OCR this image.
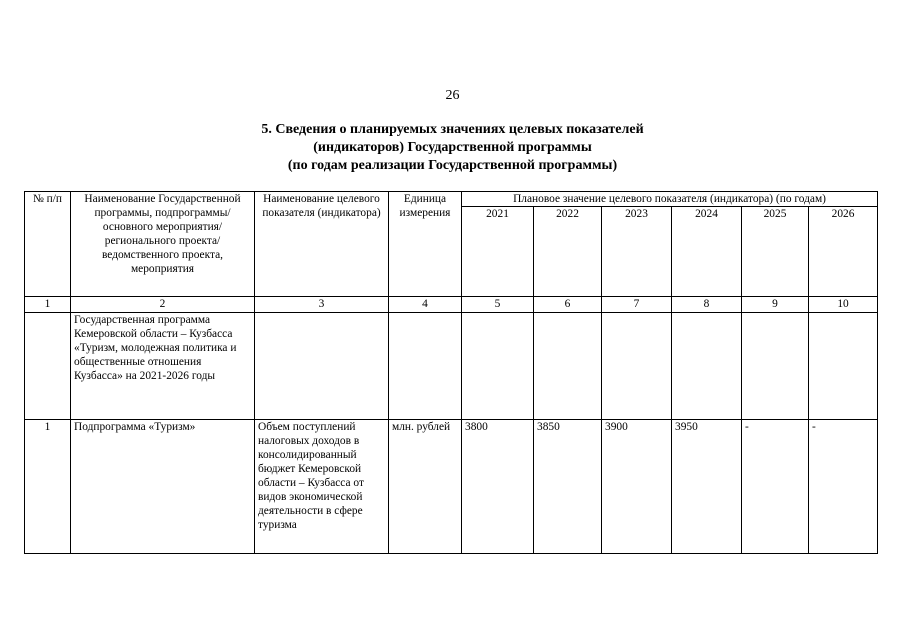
26
5. Сведения о планируемых значениях целевых показателей
(индикаторов) Государственной программы
(по годам реализации Государственной программы)
№ п/п	Наименование Государственной программы, подпрограммы/основного мероприятия/ регионального проекта/ведомственного проекта, мероприятия	Наименование целевого показателя (индикатора)	Единица измерения	Плановое значение целевого показателя (индикатора) (по годам)					
				2021	2022	2023	2024	2025	2026
1	2	3	4	5	6	7	8	9	10
	Государственная программа Кемеровской области – Кузбасса «Туризм, молодежная политика и общественные отношения Кузбасса» на 2021-2026 годы								
1	Подпрограмма «Туризм»	Объем поступлений налоговых доходов в консолидированный бюджет Кемеровской области – Кузбасса от видов экономической деятельности в сфере туризма	млн. рублей	3800	3850	3900	3950	-	-
